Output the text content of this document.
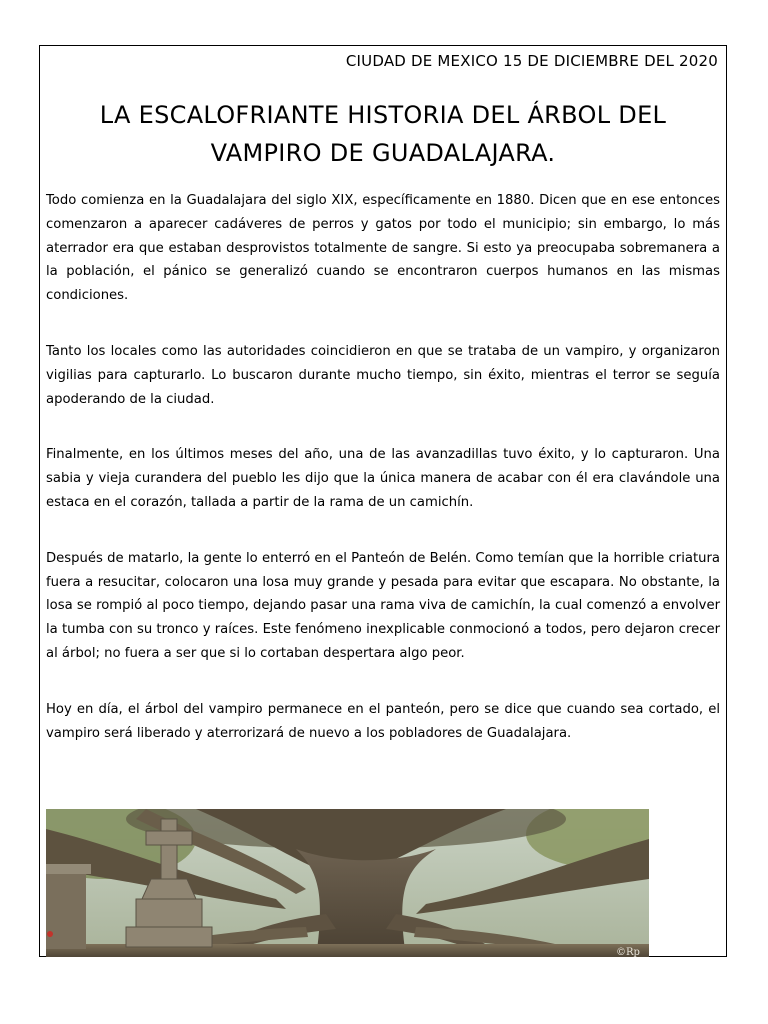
CIUDAD DE MEXICO 15 DE DICIEMBRE DEL 2020
LA ESCALOFRIANTE HISTORIA DEL ÁRBOL DEL
VAMPIRO DE GUADALAJARA.

Todo comienza en la Guadalajara del siglo XIX, específicamente en 1880. Dicen que en ese entonces comenzaron a aparecer cadáveres de perros y gatos por todo el municipio; sin embargo, lo más aterrador era que estaban desprovistos totalmente de sangre. Si esto ya preocupaba sobremanera a la población, el pánico se generalizó cuando se encontraron cuerpos humanos en las mismas condiciones.

Tanto los locales como las autoridades coincidieron en que se trataba de un vampiro, y organizaron vigilias para capturarlo. Lo buscaron durante mucho tiempo, sin éxito, mientras el terror se seguía apoderando de la ciudad.

Finalmente, en los últimos meses del año, una de las avanzadillas tuvo éxito, y lo capturaron. Una sabia y vieja curandera del pueblo les dijo que la única manera de acabar con él era clavándole una estaca en el corazón, tallada a partir de la rama de un camichín.

Después de matarlo, la gente lo enterró en el Panteón de Belén. Como temían que la horrible criatura fuera a resucitar, colocaron una losa muy grande y pesada para evitar que escapara. No obstante, la losa se rompió al poco tiempo, dejando pasar una rama viva de camichín, la cual comenzó a envolver la tumba con su tronco y raíces. Este fenómeno inexplicable conmocionó a todos, pero dejaron crecer al árbol; no fuera a ser que si lo cortaban despertara algo peor.

Hoy en día, el árbol del vampiro permanece en el panteón, pero se dice que cuando sea cortado, el vampiro será liberado y aterrorizará de nuevo a los pobladores de Guadalajara.

©Rp
